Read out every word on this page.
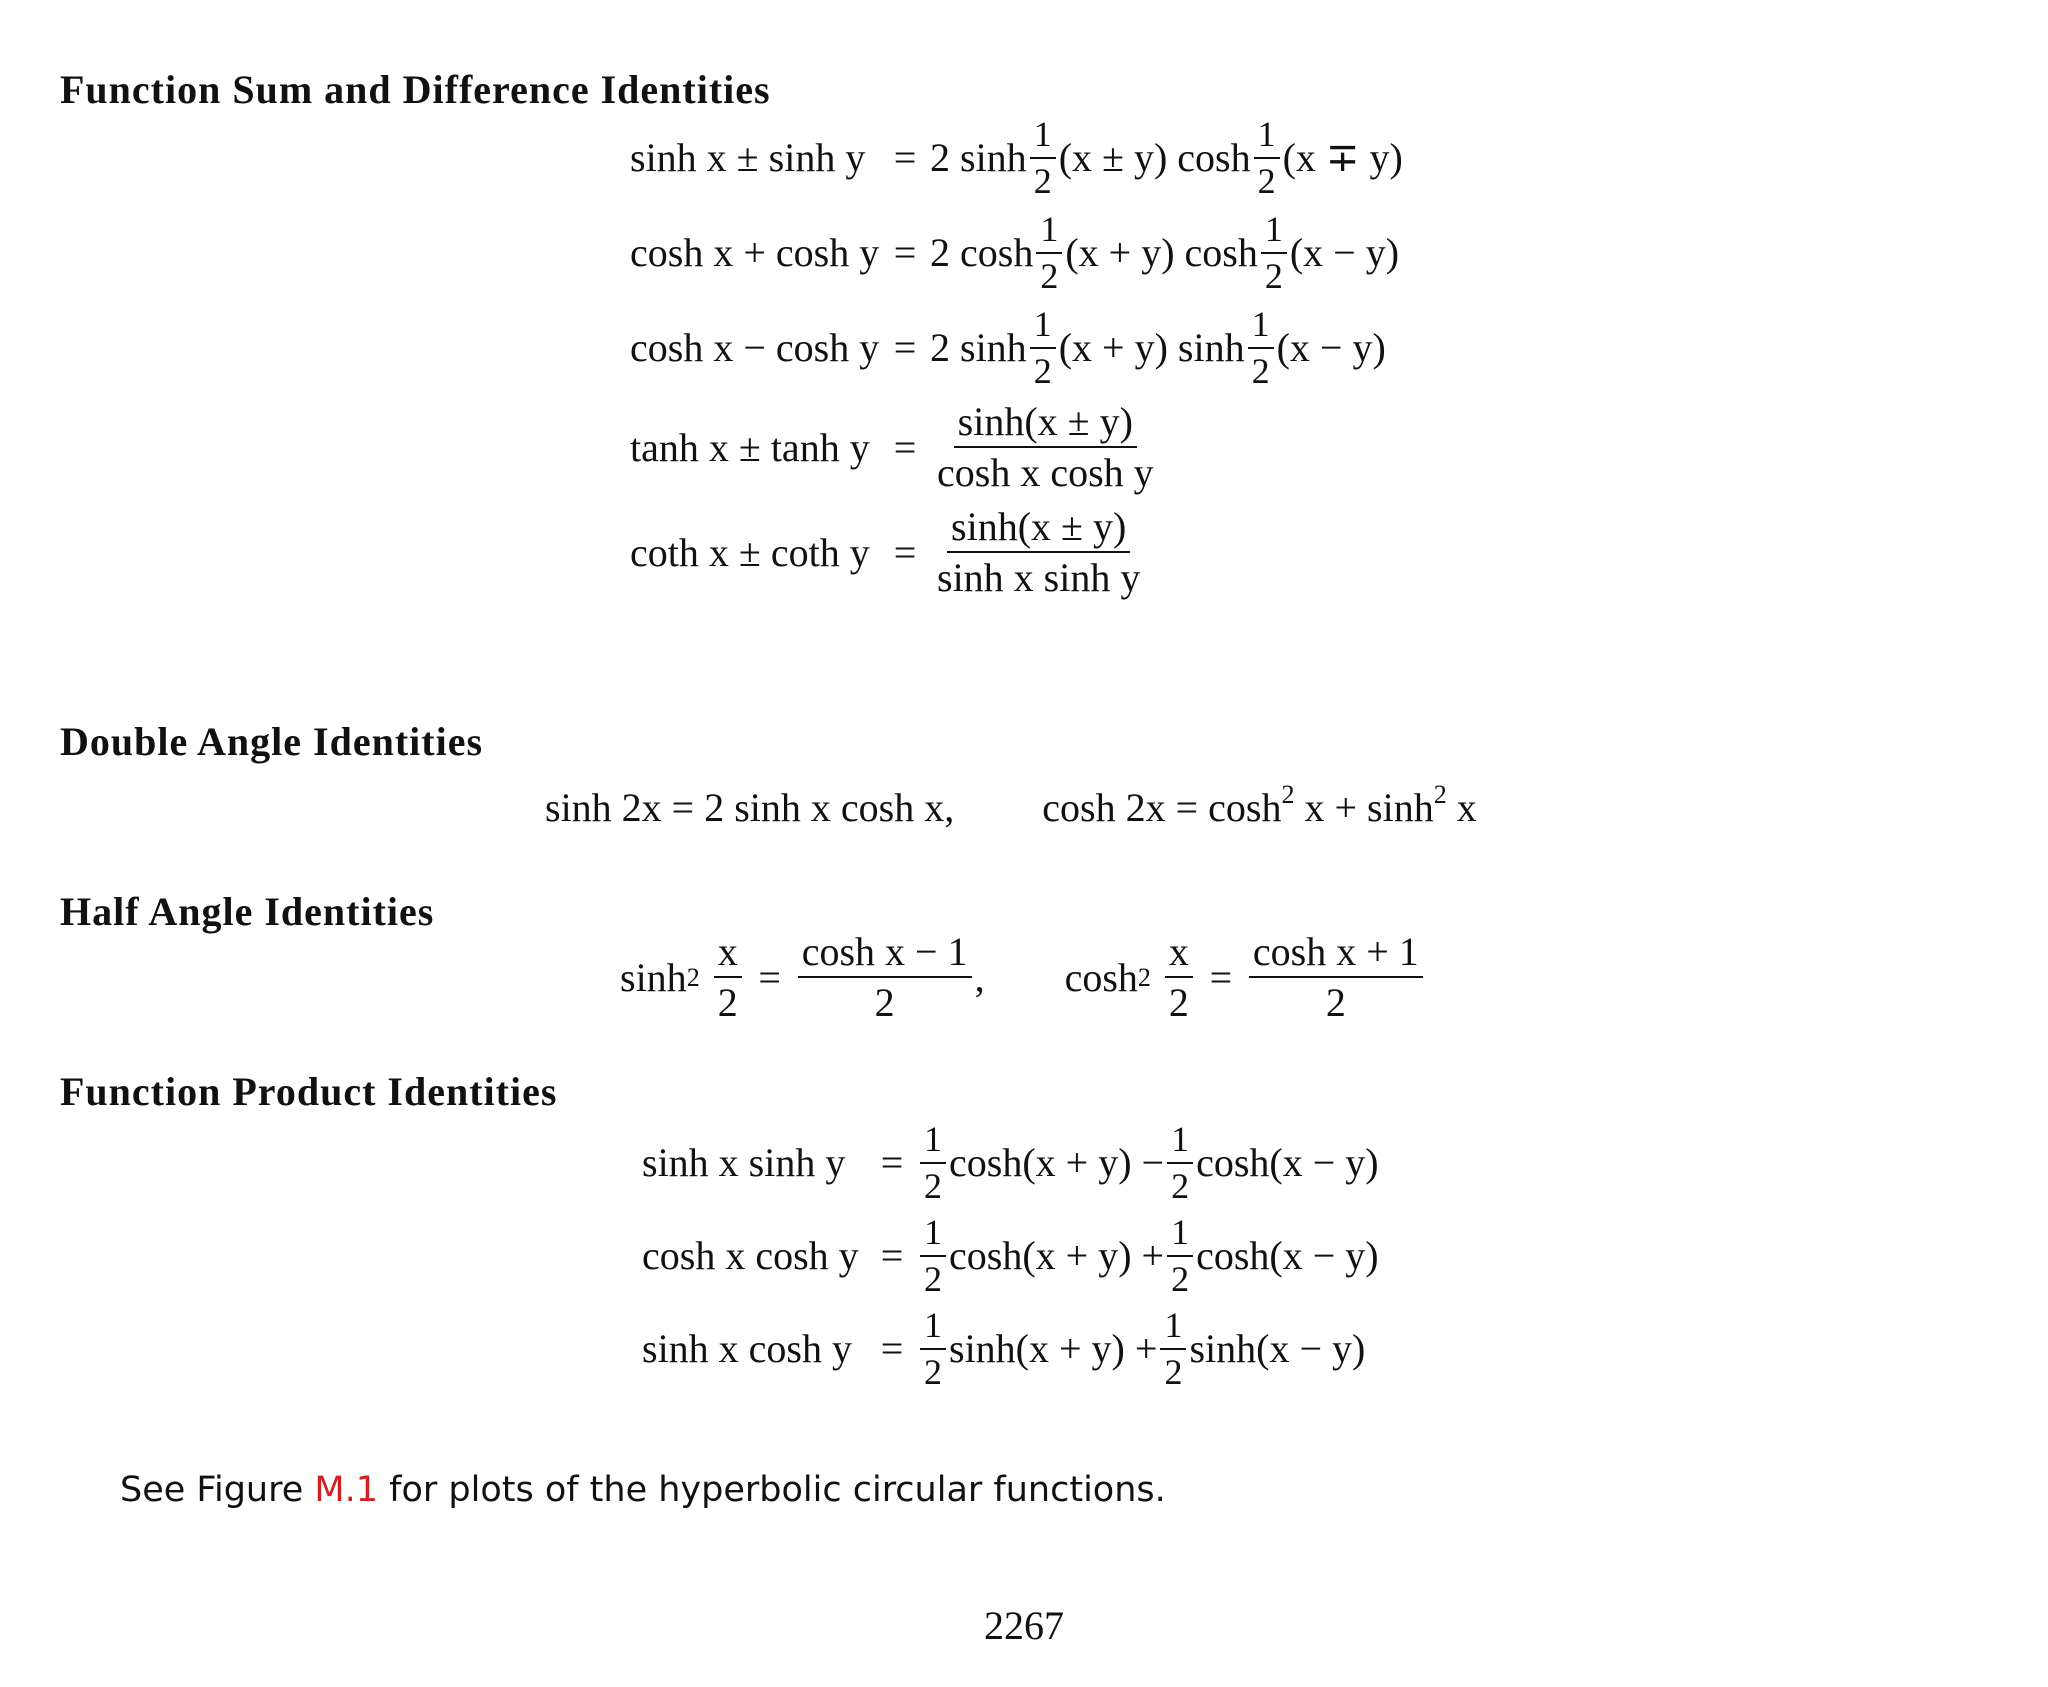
Function Sum and Difference Identities
sinh x ± sinh y = 2 $\sinh \frac{1}{2} (x \pm y)$ $\cosh \frac{1}{2} (x \mp y)$
cosh x + cosh y = 2 $\cosh \frac{1}{2} (x + y)$ $\cosh \frac{1}{2} (x - y)$
cosh x − cosh y = 2 $\sinh \frac{1}{2} (x + y)$ $\sinh \frac{1}{2} (x - y)$
$\tanh x \pm \tanh y = \frac{\sinh(x \pm y)}{\text{cosh x cosh y}}$
coth x ± coth $y = \frac{\sinh(x \pm y)}{\text{sinh x sinh y}}$
Double Angle Identities
sinh 2x = 2 sinh x cosh x, $\cosh 2x = \cosh^2 x + \sinh^2 x$
Half Angle Identities
$\sinh 2 \frac{x}{2} = \frac{\text{cosh x − 1}}{2}$ , $\cosh 2 \frac{x}{2} = \frac{\text{cosh x + 1}}{2}$
Function Product Identities
sinh x $\sinh y = \frac{1}{2} \cosh(x + y) - \frac{1}{2} \cosh(x - y)$
cosh x $\cosh y = \frac{1}{2} \cosh(x + y) + \frac{1}{2} \cosh(x - y)$
sinh x $\cosh y = \frac{1}{2} \sinh(x + y) + \frac{1}{2} \sinh(x - y)$

See Figure M.1 for plots of the hyperbolic circular functions.

2267
